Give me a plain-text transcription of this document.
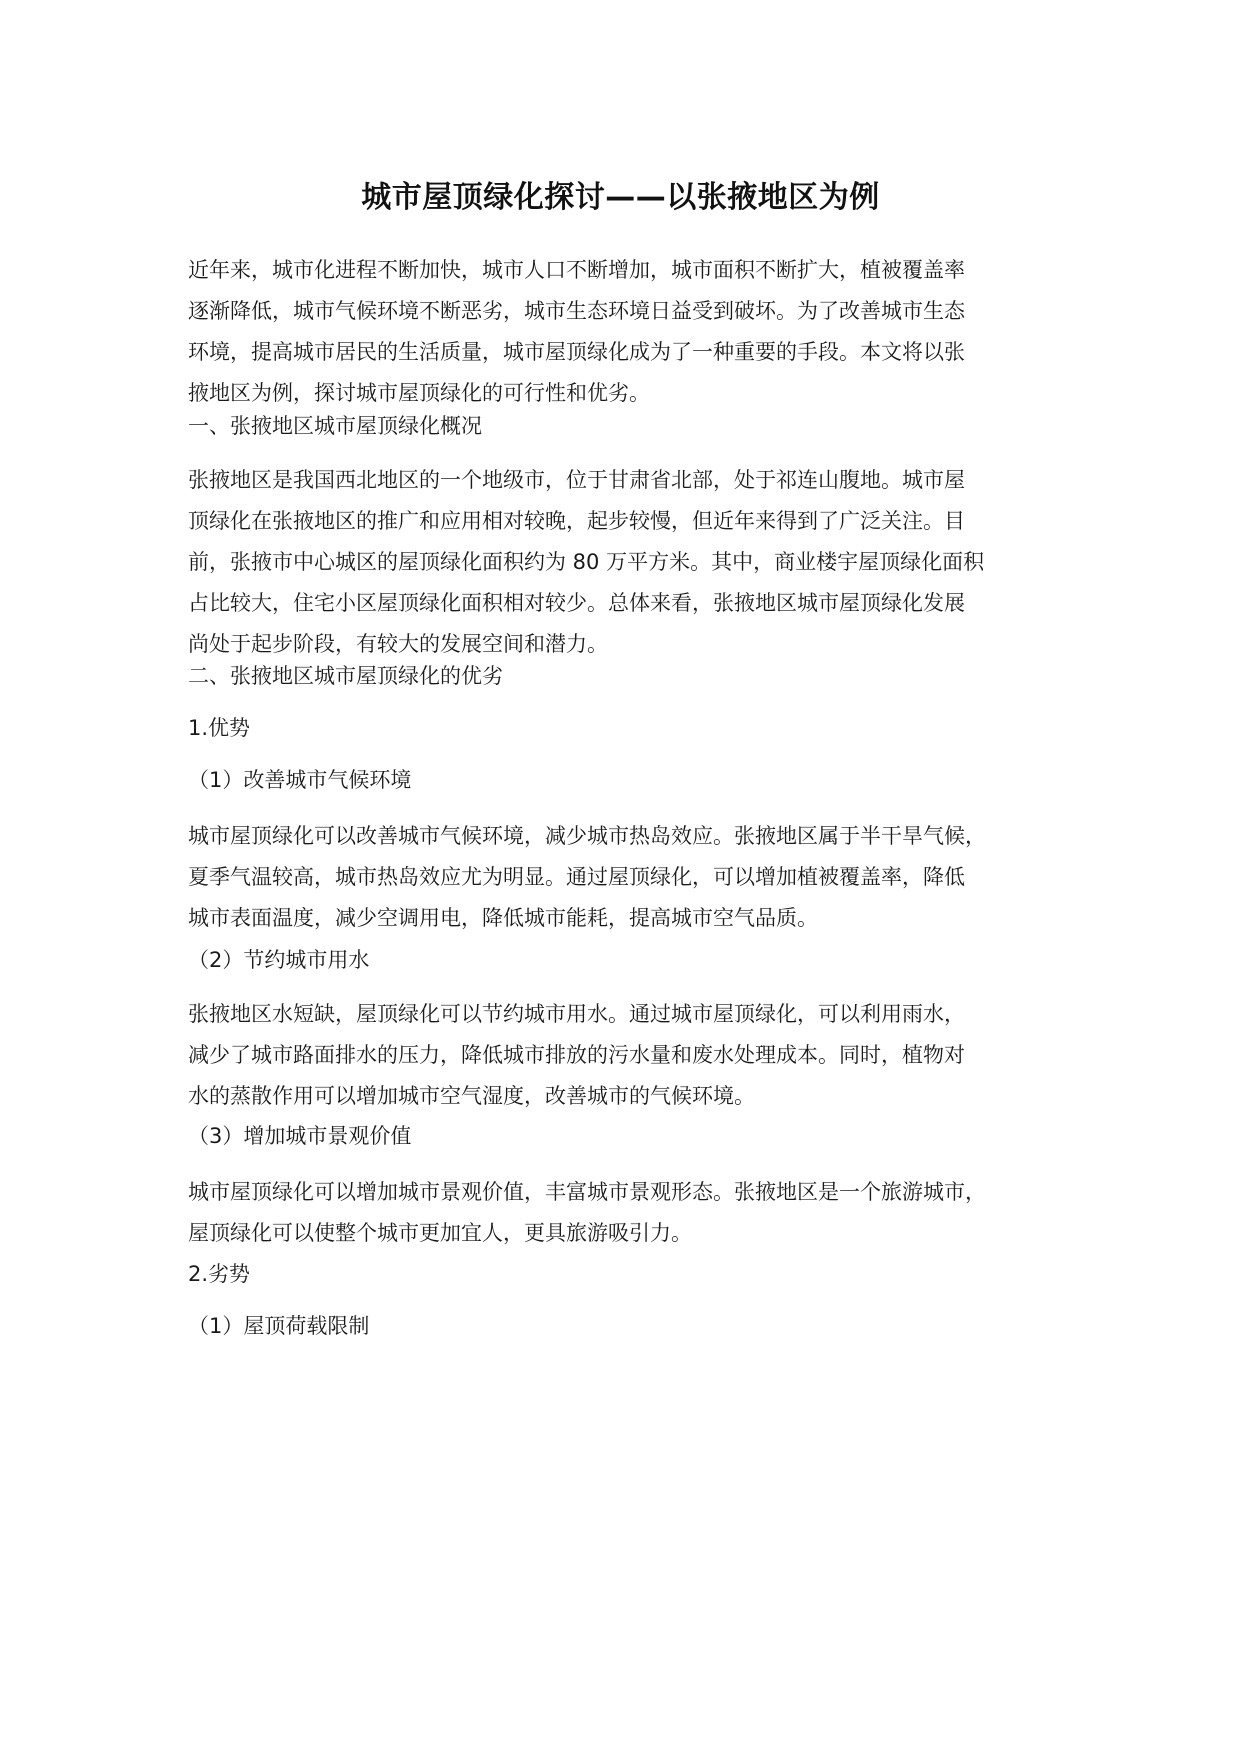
城市屋顶绿化探讨——以张掖地区为例
近年来，城市化进程不断加快，城市人口不断增加，城市面积不断扩大，植被覆盖率
逐渐降低，城市气候环境不断恶劣，城市生态环境日益受到破坏。为了改善城市生态
环境，提高城市居民的生活质量，城市屋顶绿化成为了一种重要的手段。本文将以张
掖地区为例，探讨城市屋顶绿化的可行性和优劣。
一、张掖地区城市屋顶绿化概况
张掖地区是我国西北地区的一个地级市，位于甘肃省北部，处于祁连山腹地。城市屋
顶绿化在张掖地区的推广和应用相对较晚，起步较慢，但近年来得到了广泛关注。目
前，张掖市中心城区的屋顶绿化面积约为 80 万平方米。其中，商业楼宇屋顶绿化面积
占比较大，住宅小区屋顶绿化面积相对较少。总体来看，张掖地区城市屋顶绿化发展
尚处于起步阶段，有较大的发展空间和潜力。
二、张掖地区城市屋顶绿化的优劣
1.优势
（1）改善城市气候环境
城市屋顶绿化可以改善城市气候环境，减少城市热岛效应。张掖地区属于半干旱气候，
夏季气温较高，城市热岛效应尤为明显。通过屋顶绿化，可以增加植被覆盖率，降低
城市表面温度，减少空调用电，降低城市能耗，提高城市空气品质。
（2）节约城市用水
张掖地区水短缺，屋顶绿化可以节约城市用水。通过城市屋顶绿化，可以利用雨水，
减少了城市路面排水的压力，降低城市排放的污水量和废水处理成本。同时，植物对
水的蒸散作用可以增加城市空气湿度，改善城市的气候环境。
（3）增加城市景观价值
城市屋顶绿化可以增加城市景观价值，丰富城市景观形态。张掖地区是一个旅游城市，
屋顶绿化可以使整个城市更加宜人，更具旅游吸引力。
2.劣势
（1）屋顶荷载限制
